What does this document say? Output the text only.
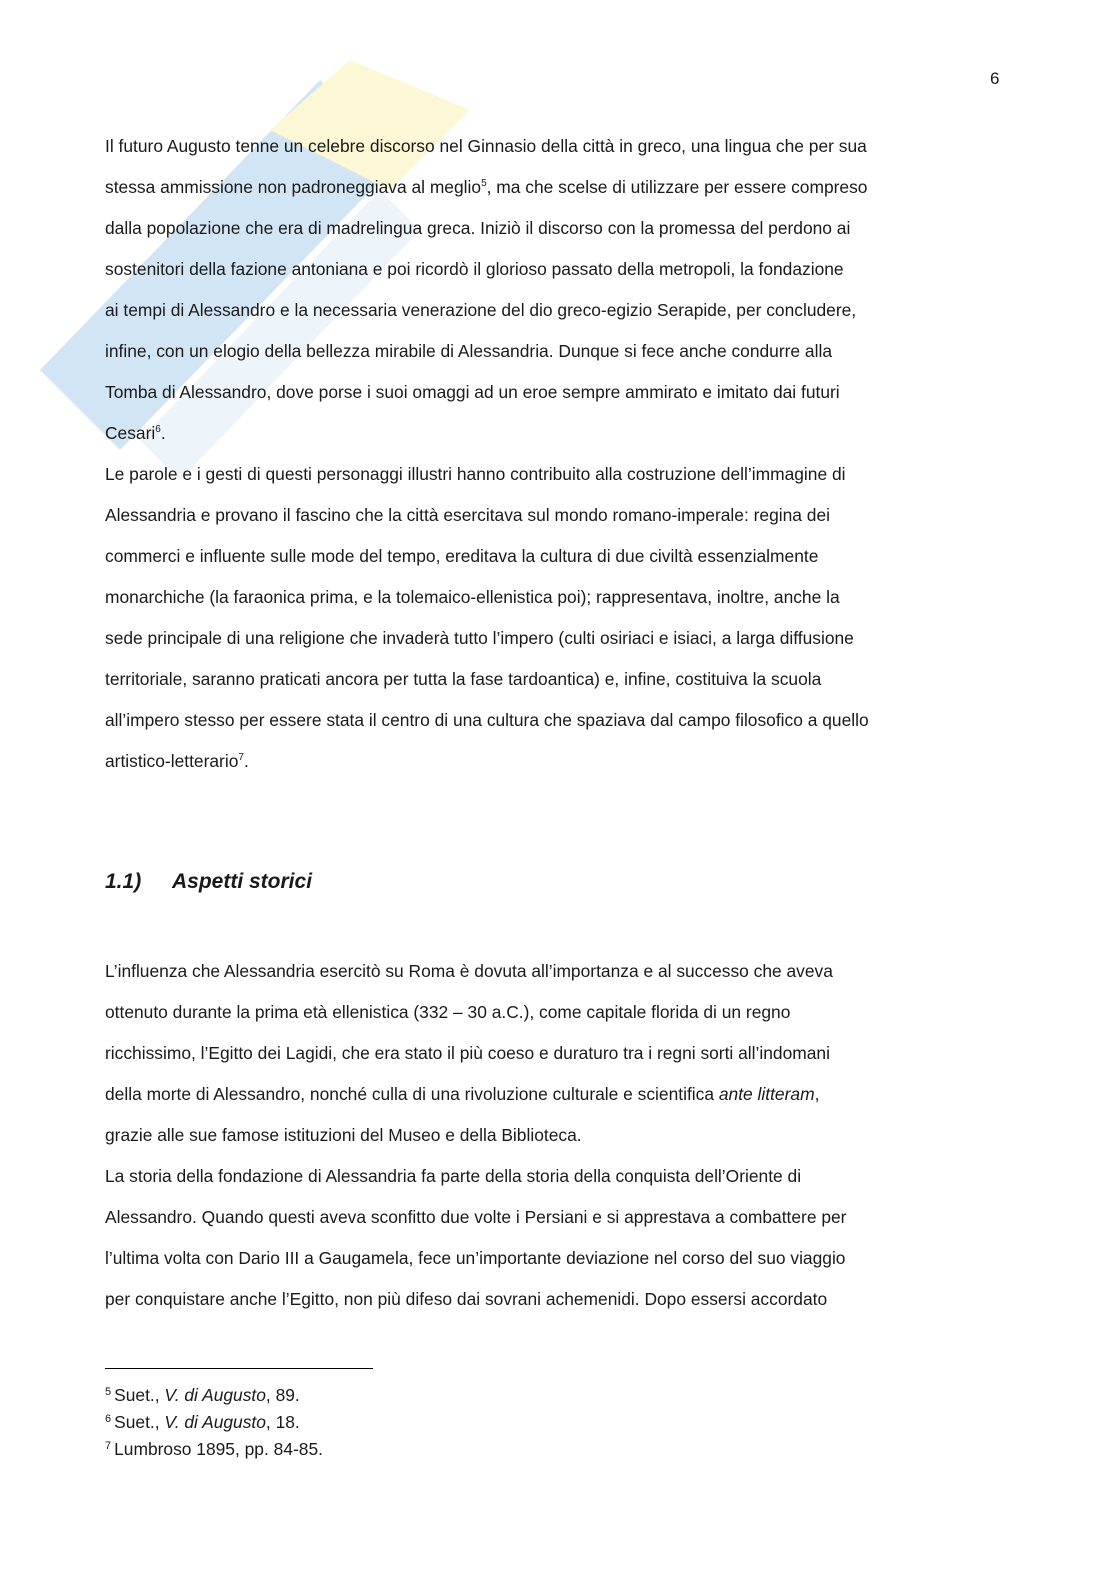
6
Il futuro Augusto tenne un celebre discorso nel Ginnasio della città in greco, una lingua che per sua
stessa ammissione non padroneggiava al meglio$^5$, ma che scelse di utilizzare per essere compreso
dalla popolazione che era di madrelingua greca. Iniziò il discorso con la promessa del perdono ai
sostenitori della fazione antoniana e poi ricordò il glorioso passato della metropoli, la fondazione
ai tempi di Alessandro e la necessaria venerazione del dio greco-egizio Serapide, per concludere,
infine, con un elogio della bellezza mirabile di Alessandria. Dunque si fece anche condurre alla
Tomba di Alessandro, dove porse i suoi omaggi ad un eroe sempre ammirato e imitato dai futuri
Cesari$^6$.
Le parole e i gesti di questi personaggi illustri hanno contribuito alla costruzione dell’immagine di
Alessandria e provano il fascino che la città esercitava sul mondo romano-imperale: regina dei
commerci e influente sulle mode del tempo, ereditava la cultura di due civiltà essenzialmente
monarchiche (la faraonica prima, e la tolemaico-ellenistica poi); rappresentava, inoltre, anche la
sede principale di una religione che invaderà tutto l’impero (culti osiriaci e isiaci, a larga diffusione
territoriale, saranno praticati ancora per tutta la fase tardoantica) e, infine, costituiva la scuola
all’impero stesso per essere stata il centro di una cultura che spaziava dal campo filosofico a quello
artistico-letterario$^7$.
1.1) Aspetti storici
L’influenza che Alessandria esercitò su Roma è dovuta all’importanza e al successo che aveva
ottenuto durante la prima età ellenistica (332 – 30 a.C.), come capitale florida di un regno
ricchissimo, l’Egitto dei Lagidi, che era stato il più coeso e duraturo tra i regni sorti all’indomani
della morte di Alessandro, nonché culla di una rivoluzione culturale e scientifica ante litteram,
grazie alle sue famose istituzioni del Museo e della Biblioteca.
La storia della fondazione di Alessandria fa parte della storia della conquista dell’Oriente di
Alessandro. Quando questi aveva sconfitto due volte i Persiani e si apprestava a combattere per
l’ultima volta con Dario III a Gaugamela, fece un’importante deviazione nel corso del suo viaggio
per conquistare anche l’Egitto, non più difeso dai sovrani achemenidi. Dopo essersi accordato
$^5$ Suet., V. di Augusto, 89.
$^6$ Suet., V. di Augusto, 18.
$^7$ Lumbroso 1895, pp. 84-85.
